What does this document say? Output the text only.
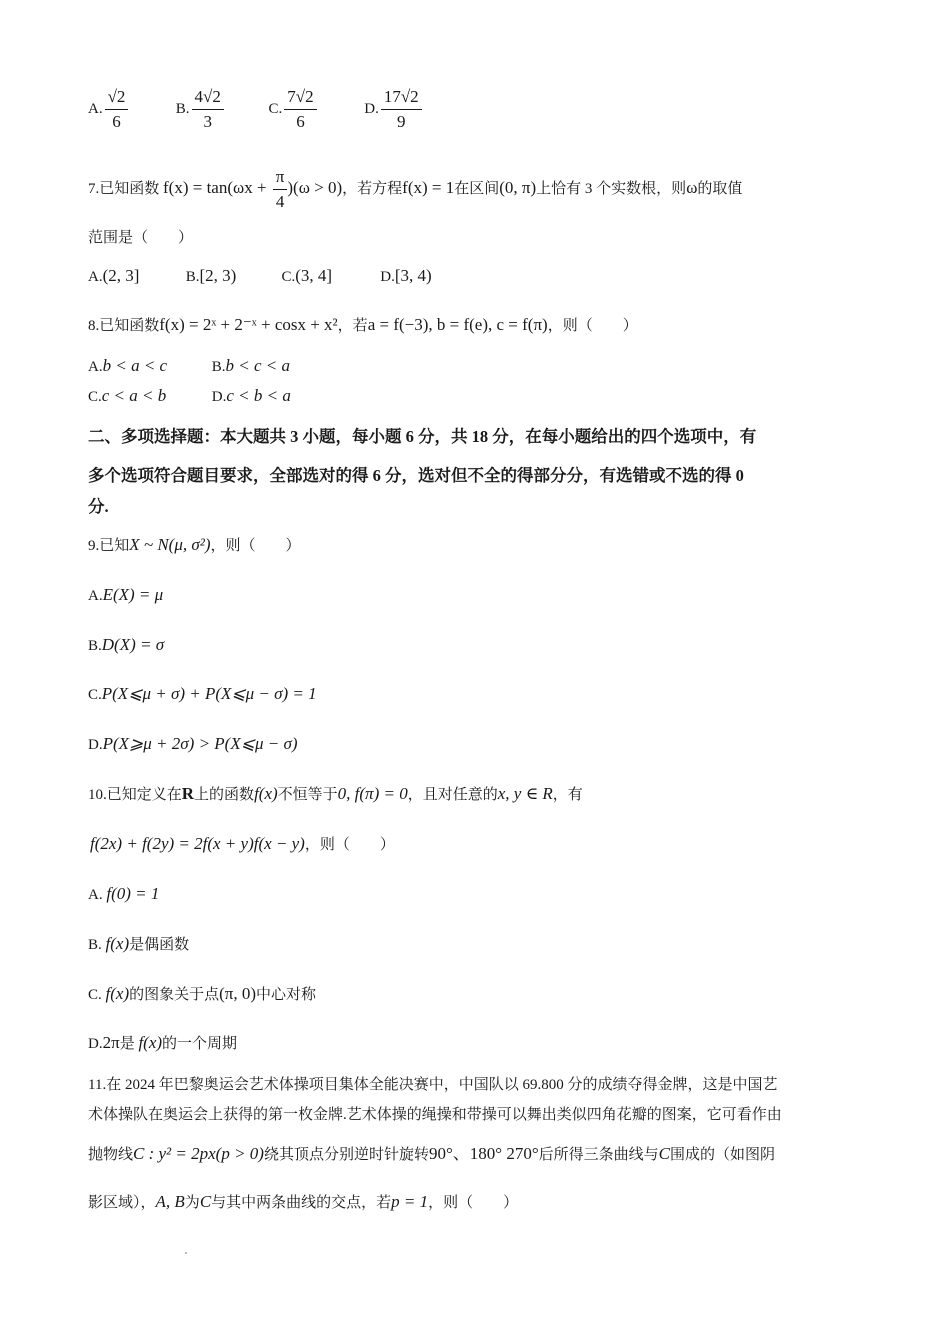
A. $\frac{√2}{6}$	B. $\frac{4√2}{3}$	C. $\frac{7√2}{6}$	D. $\frac{17√2}{9}$
7.已知函数 $f(x) = \tan(\omega x + \frac{\pi}{4} )(\omega > 0)$，若方程f(x) = 1在区间(0, π)上恰有 3 个实数根，则ω的取值
范围是（　　）
A.(2, 3]	B.[2, 3)	C.(3, 4]	D.[3, 4)
8.已知函数f(x) = 2ˣ + 2⁻ˣ + cosx + x²，若a = f(−3), b = f(e), c = f(π)，则（　　）
A.b < a < c	B.b < c < a
C.c < a < b	D.c < b < a
二、多项选择题：本大题共 3 小题，每小题 6 分，共 18 分，在每小题给出的四个选项中，有
多个选项符合题目要求，全部选对的得 6 分，选对但不全的得部分分，有选错或不选的得 0
分.
9.已知X ~ N(μ, σ²)，则（　　）
A.E(X) = μ
B.D(X) = σ
C.P(X⩽μ + σ) + P(X⩽μ − σ) = 1
D.P(X⩾μ + 2σ) > P(X⩽μ − σ)
10.已知定义在R上的函数f(x)不恒等于0, f(π) = 0，且对任意的x, y ∈ R，有
f(2x) + f(2y) = 2f(x + y)f(x − y)，则（　　）
A. f(0) = 1
B. f(x)是偶函数
C. f(x)的图象关于点(π, 0)中心对称
D.2π是 f(x)的一个周期
11.在 2024 年巴黎奥运会艺术体操项目集体全能决赛中，中国队以 69.800 分的成绩夺得金牌，这是中国艺
术体操队在奥运会上获得的第一枚金牌.艺术体操的绳操和带操可以舞出类似四角花瓣的图案，它可看作由
抛物线C : y² = 2px(p > 0)绕其顶点分别逆时针旋转90°、180° 270°后所得三条曲线与C围成的（如图阴
影区域），A, B为C与其中两条曲线的交点，若p = 1，则（　　）
